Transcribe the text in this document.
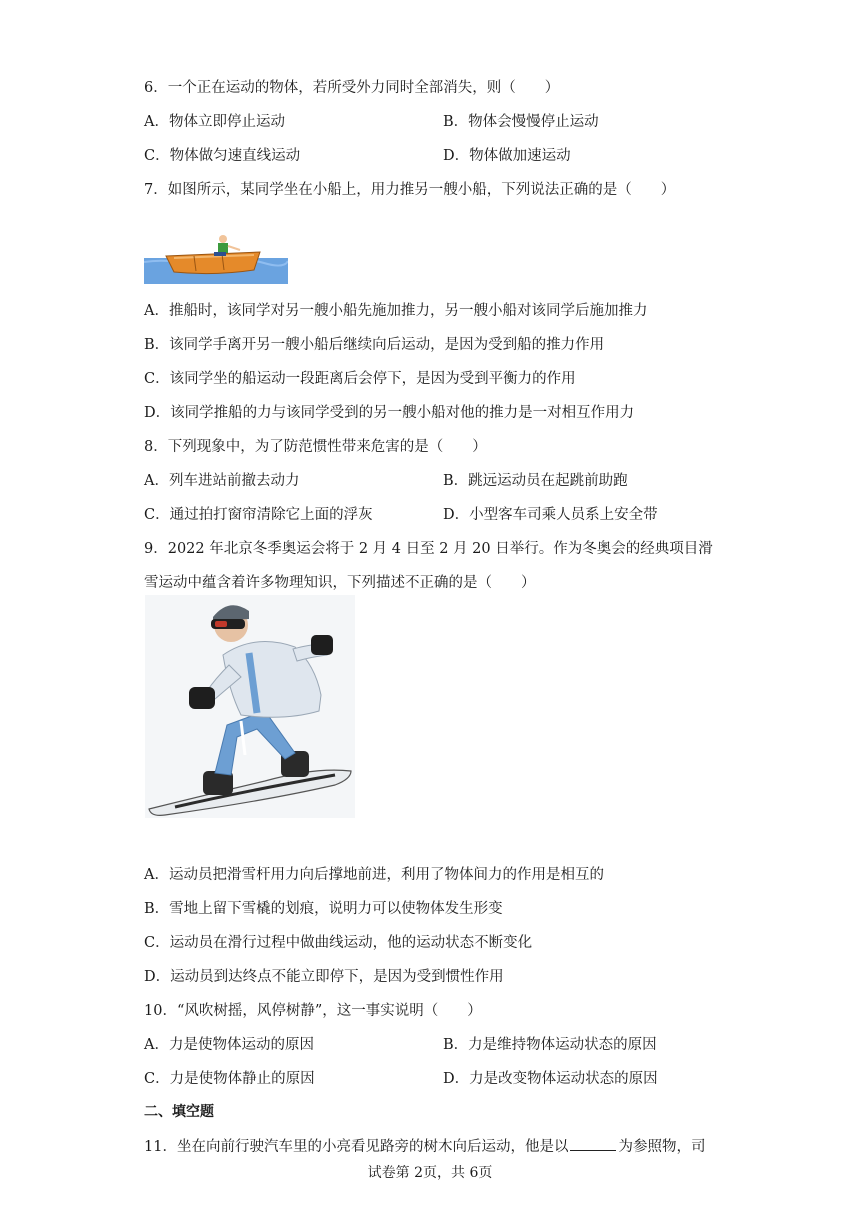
6．一个正在运动的物体，若所受外力同时全部消失，则（　　）
A．物体立即停止运动	B．物体会慢慢停止运动
C．物体做匀速直线运动	D．物体做加速运动
7．如图所示，某同学坐在小船上，用力推另一艘小船，下列说法正确的是（　　）
A．推船时，该同学对另一艘小船先施加推力，另一艘小船对该同学后施加推力
B．该同学手离开另一艘小船后继续向后运动，是因为受到船的推力作用
C．该同学坐的船运动一段距离后会停下，是因为受到平衡力的作用
D．该同学推船的力与该同学受到的另一艘小船对他的推力是一对相互作用力
8．下列现象中，为了防范惯性带来危害的是（　　）
A．列车进站前撤去动力	B．跳远运动员在起跳前助跑
C．通过拍打窗帘清除它上面的浮灰	D．小型客车司乘人员系上安全带
9．2022 年北京冬季奥运会将于 2 月 4 日至 2 月 20 日举行。作为冬奥会的经典项目滑
雪运动中蕴含着许多物理知识，下列描述不正确的是（　　）
A．运动员把滑雪杆用力向后撑地前进，利用了物体间力的作用是相互的
B．雪地上留下雪橇的划痕，说明力可以使物体发生形变
C．运动员在滑行过程中做曲线运动，他的运动状态不断变化
D．运动员到达终点不能立即停下，是因为受到惯性作用
10．“风吹树摇，风停树静”，这一事实说明（　　）
A．力是使物体运动的原因	B．力是维持物体运动状态的原因
C．力是使物体静止的原因	D．力是改变物体运动状态的原因
二、填空题
11．坐在向前行驶汽车里的小亮看见路旁的树木向后运动，他是以	为参照物，司
试卷第 2页，共 6页
